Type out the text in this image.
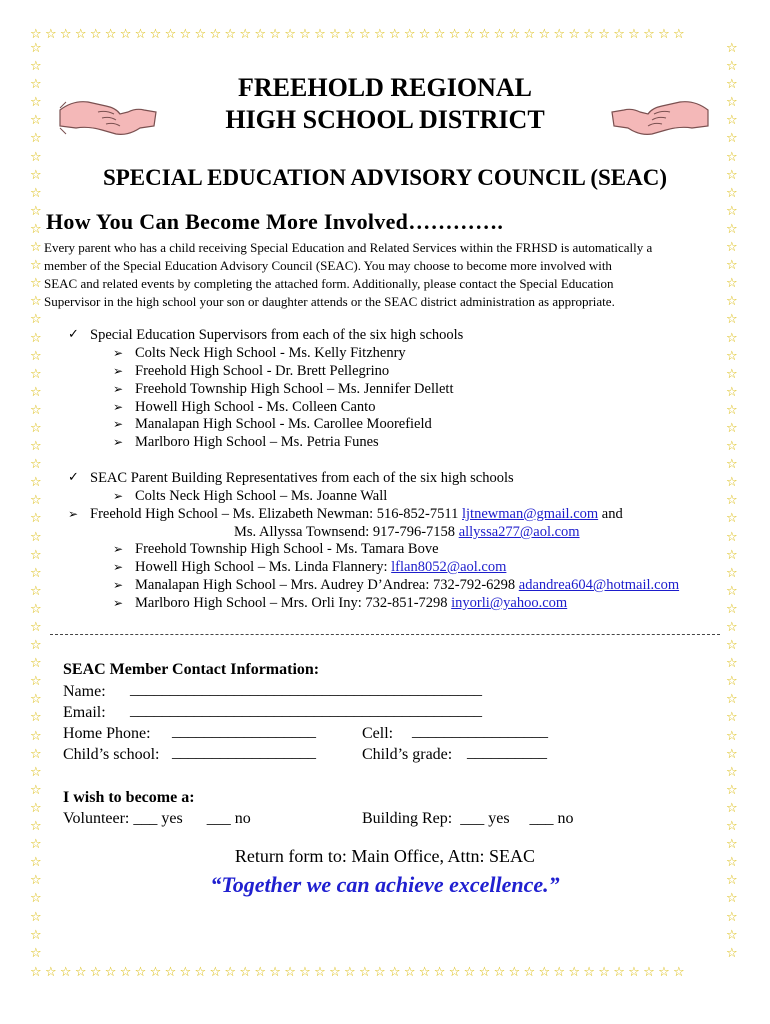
☆☆☆☆☆☆☆☆☆☆☆☆☆☆☆☆☆☆☆☆☆☆☆☆☆☆☆☆☆☆☆☆☆☆☆☆☆☆☆☆☆☆☆☆
☆☆☆☆☆☆☆☆☆☆☆☆☆☆☆☆☆☆☆☆☆☆☆☆☆☆☆☆☆☆☆☆☆☆☆☆☆☆☆☆☆☆☆☆
☆
☆
☆
☆
☆
☆
☆
☆
☆
☆
☆
☆
☆
☆
☆
☆
☆
☆
☆
☆
☆
☆
☆
☆
☆
☆
☆
☆
☆
☆
☆
☆
☆
☆
☆
☆
☆
☆
☆
☆
☆
☆
☆
☆
☆
☆
☆
☆
☆
☆
☆
☆
☆
☆
☆
☆
☆
☆
☆
☆
☆
☆
☆
☆
☆
☆
☆
☆
☆
☆
☆
☆
☆
☆
☆
☆
☆
☆
☆
☆
☆
☆
☆
☆
☆
☆
☆
☆
☆
☆
☆
☆
☆
☆
☆
☆
☆
☆
☆
☆
☆
☆
FREEHOLD REGIONAL
HIGH SCHOOL DISTRICT
SPECIAL EDUCATION ADVISORY COUNCIL (SEAC)
How You Can Become More Involved………….
Every parent who has a child receiving Special Education and Related Services within the FRHSD is automatically a
member of the Special Education Advisory Council (SEAC). You may choose to become more involved with
SEAC and related events by completing the attached form. Additionally, please contact the Special Education
Supervisor in the high school your son or daughter attends or the SEAC district administration as appropriate.
✓ Special Education Supervisors from each of the six high schools
➢ Colts Neck High School - Ms. Kelly Fitzhenry
➢ Freehold High School - Dr. Brett Pellegrino
➢ Freehold Township High School – Ms. Jennifer Dellett
➢ Howell High School - Ms. Colleen Canto
➢ Manalapan High School - Ms. Carollee Moorefield
➢ Marlboro High School – Ms. Petria Funes
✓ SEAC Parent Building Representatives from each of the six high schools
➢ Colts Neck High School – Ms. Joanne Wall
➢ Freehold High School – Ms. Elizabeth Newman: 516-852-7511 ljtnewman@gmail.com and
Ms. Allyssa Townsend: 917-796-7158 allyssa277@aol.com
➢ Freehold Township High School - Ms. Tamara Bove
➢ Howell High School – Ms. Linda Flannery: lflan8052@aol.com
➢ Manalapan High School – Mrs. Audrey D’Andrea: 732-792-6298 adandrea604@hotmail.com
➢ Marlboro High School – Mrs. Orli Iny: 732-851-7298 inyorli@yahoo.com
SEAC Member Contact Information:
Name: ____________________________________________
Email: ____________________________________________
Home Phone: __________________	Cell: _________________
Child’s school: __________________	Child’s grade: __________
I wish to become a:
Volunteer: ___ yes      ___ no	Building Rep:  ___ yes     ___ no
Return form to: Main Office, Attn: SEAC
“Together we can achieve excellence.”
